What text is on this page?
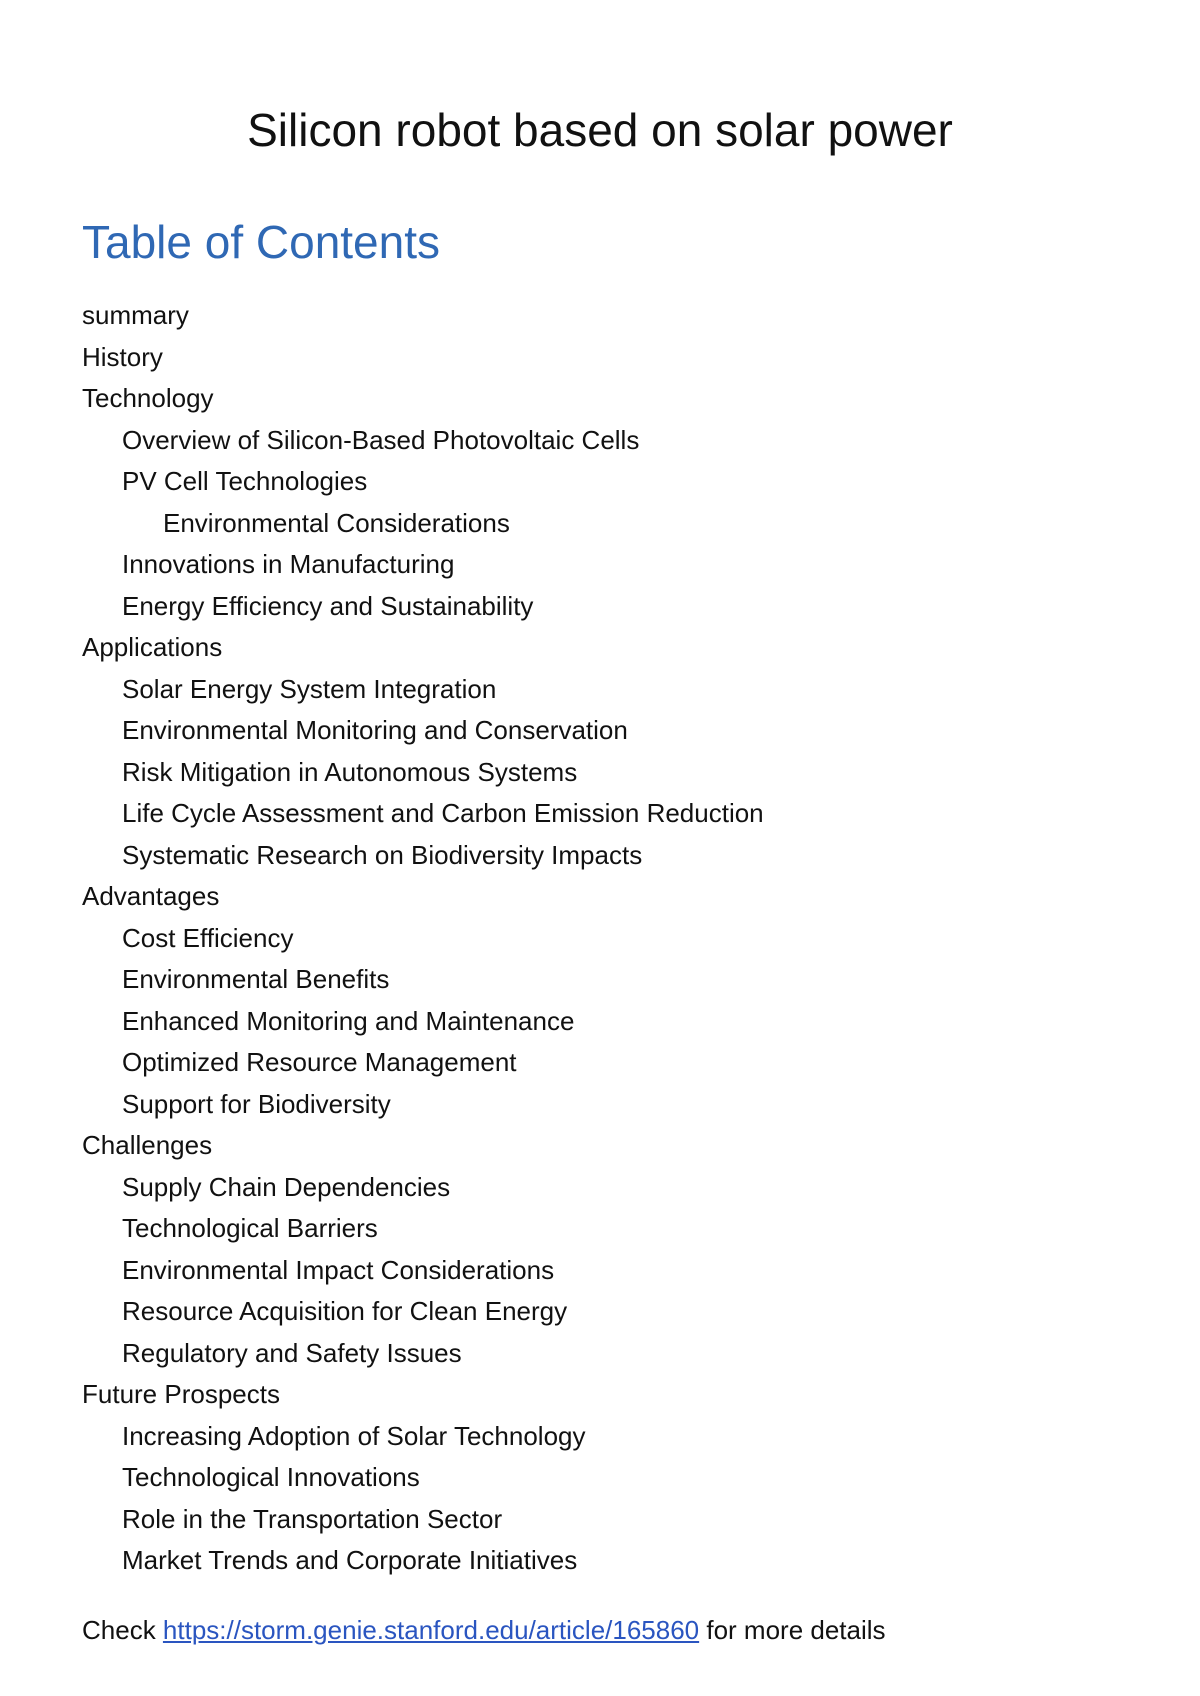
Silicon robot based on solar power
Table of Contents
summary
History
Technology
Overview of Silicon-Based Photovoltaic Cells
PV Cell Technologies
Environmental Considerations
Innovations in Manufacturing
Energy Efficiency and Sustainability
Applications
Solar Energy System Integration
Environmental Monitoring and Conservation
Risk Mitigation in Autonomous Systems
Life Cycle Assessment and Carbon Emission Reduction
Systematic Research on Biodiversity Impacts
Advantages
Cost Efficiency
Environmental Benefits
Enhanced Monitoring and Maintenance
Optimized Resource Management
Support for Biodiversity
Challenges
Supply Chain Dependencies
Technological Barriers
Environmental Impact Considerations
Resource Acquisition for Clean Energy
Regulatory and Safety Issues
Future Prospects
Increasing Adoption of Solar Technology
Technological Innovations
Role in the Transportation Sector
Market Trends and Corporate Initiatives
Check https://storm.genie.stanford.edu/article/165860 for more details
